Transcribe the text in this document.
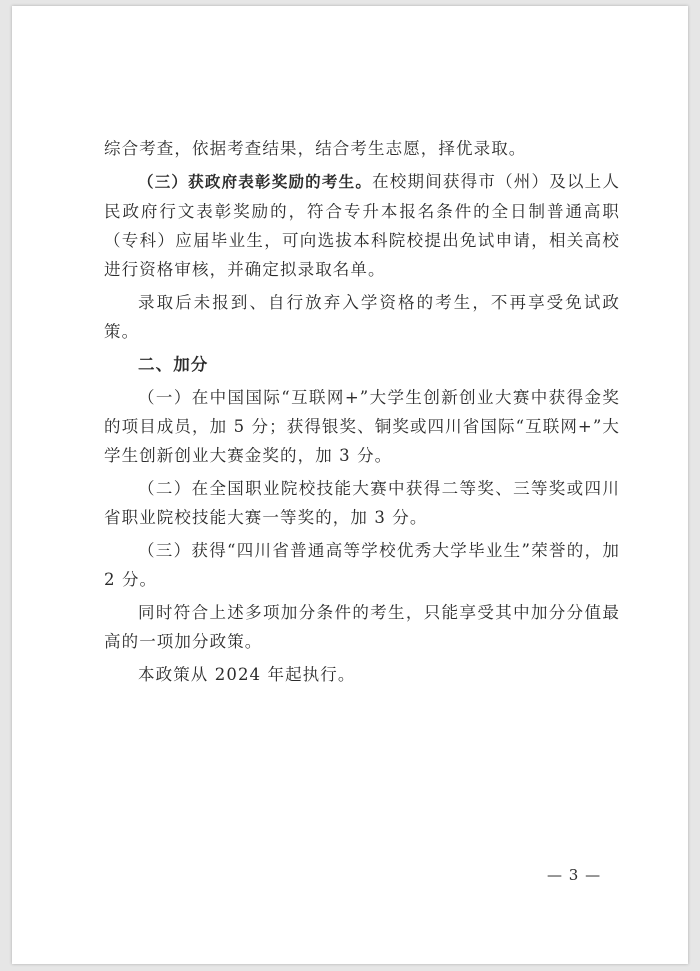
综合考查，依据考查结果，结合考生志愿，择优录取。

（三）获政府表彰奖励的考生。在校期间获得市（州）及以上人民政府行文表彰奖励的，符合专升本报名条件的全日制普通高职（专科）应届毕业生，可向选拔本科院校提出免试申请，相关高校进行资格审核，并确定拟录取名单。

录取后未报到、自行放弃入学资格的考生，不再享受免试政策。

二、加分

（一）在中国国际“互联网+”大学生创新创业大赛中获得金奖的项目成员，加 5 分；获得银奖、铜奖或四川省国际“互联网+”大学生创新创业大赛金奖的，加 3 分。

（二）在全国职业院校技能大赛中获得二等奖、三等奖或四川省职业院校技能大赛一等奖的，加 3 分。

（三）获得“四川省普通高等学校优秀大学毕业生”荣誉的，加 2 分。

同时符合上述多项加分条件的考生，只能享受其中加分分值最高的一项加分政策。

本政策从 2024 年起执行。

— 3 —
